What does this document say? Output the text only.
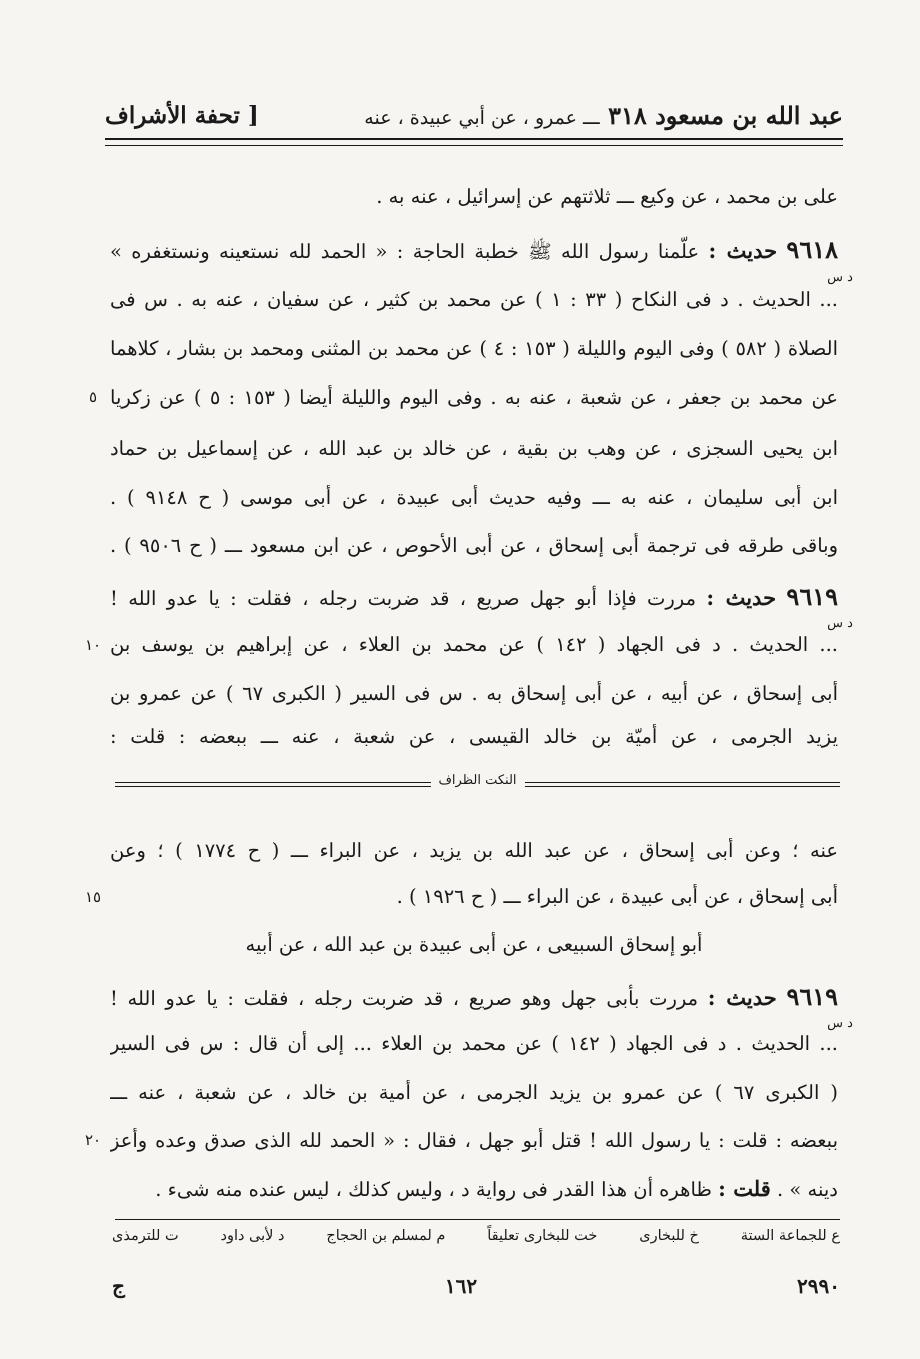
عبد الله بن مسعود ٣١٨ ـــ عمرو ، عن أبي عبيدة ، عنه
[ تحفة الأشراف
على بن محمد ، عن وكيع ـــ ثلاثتهم عن إسرائيل ، عنه به .
٩٦١٨ حديث : علّمنا رسول الله ﷺ خطبة الحاجة : « الحمد لله نستعينه ونستغفره »
د س
... الحديث . د فى النكاح ( ٣٣ : ١ ) عن محمد بن كثير ، عن سفيان ، عنه به . س فى
الصلاة ( ٥٨٢ ) وفى اليوم والليلة ( ١٥٣ : ٤ ) عن محمد بن المثنى ومحمد بن بشار ، كلاهما
عن محمد بن جعفر ، عن شعبة ، عنه به . وفى اليوم والليلة أيضا ( ١٥٣ : ٥ ) عن زكريا
٥
ابن يحيى السجزى ، عن وهب بن بقية ، عن خالد بن عبد الله ، عن إسماعيل بن حماد
ابن أبى سليمان ، عنه به ـــ وفيه حديث أبى عبيدة ، عن أبى موسى ( ح ٩١٤٨ ) .
وباقى طرقه فى ترجمة أبى إسحاق ، عن أبى الأحوص ، عن ابن مسعود ـــ ( ح ٩٥٠٦ ) .
٩٦١٩ حديث : مررت فإذا أبو جهل صريع ، قد ضربت رجله ، فقلت : يا عدو الله !
د س
... الحديث . د فى الجهاد ( ١٤٢ ) عن محمد بن العلاء ، عن إبراهيم بن يوسف بن
١٠
أبى إسحاق ، عن أبيه ، عن أبى إسحاق به . س فى السير ( الكبرى ٦٧ ) عن عمرو بن
يزيد الجرمى ، عن أميّة بن خالد القيسى ، عن شعبة ، عنه ـــ ببعضه : قلت :
النكت الظراف
عنه ؛ وعن أبى إسحاق ، عن عبد الله بن يزيد ، عن البراء ـــ ( ح ١٧٧٤ ) ؛ وعن
أبى إسحاق ، عن أبى عبيدة ، عن البراء ـــ ( ح ١٩٢٦ ) .
١٥
أبو إسحاق السبيعى ، عن أبى عبيدة بن عبد الله ، عن أبيه
٩٦١٩ حديث : مررت بأبى جهل وهو صريع ، قد ضربت رجله ، فقلت : يا عدو الله !
د س
... الحديث . د فى الجهاد ( ١٤٢ ) عن محمد بن العلاء ... إلى أن قال : س فى السير
( الكبرى ٦٧ ) عن عمرو بن يزيد الجرمى ، عن أمية بن خالد ، عن شعبة ، عنه ـــ
ببعضه : قلت : يا رسول الله ! قتل أبو جهل ، فقال : « الحمد لله الذى صدق وعده وأعز
٢٠
دينه » . قلت : ظاهره أن هذا القدر فى رواية د ، وليس كذلك ، ليس عنده منه شىء .
ع للجماعة الستة
خ للبخارى
خت للبخارى تعليقاً
م لمسلم بن الحجاج
د لأبى داود
ت للترمذى
٢٩٩٠
١٦٢
ج
